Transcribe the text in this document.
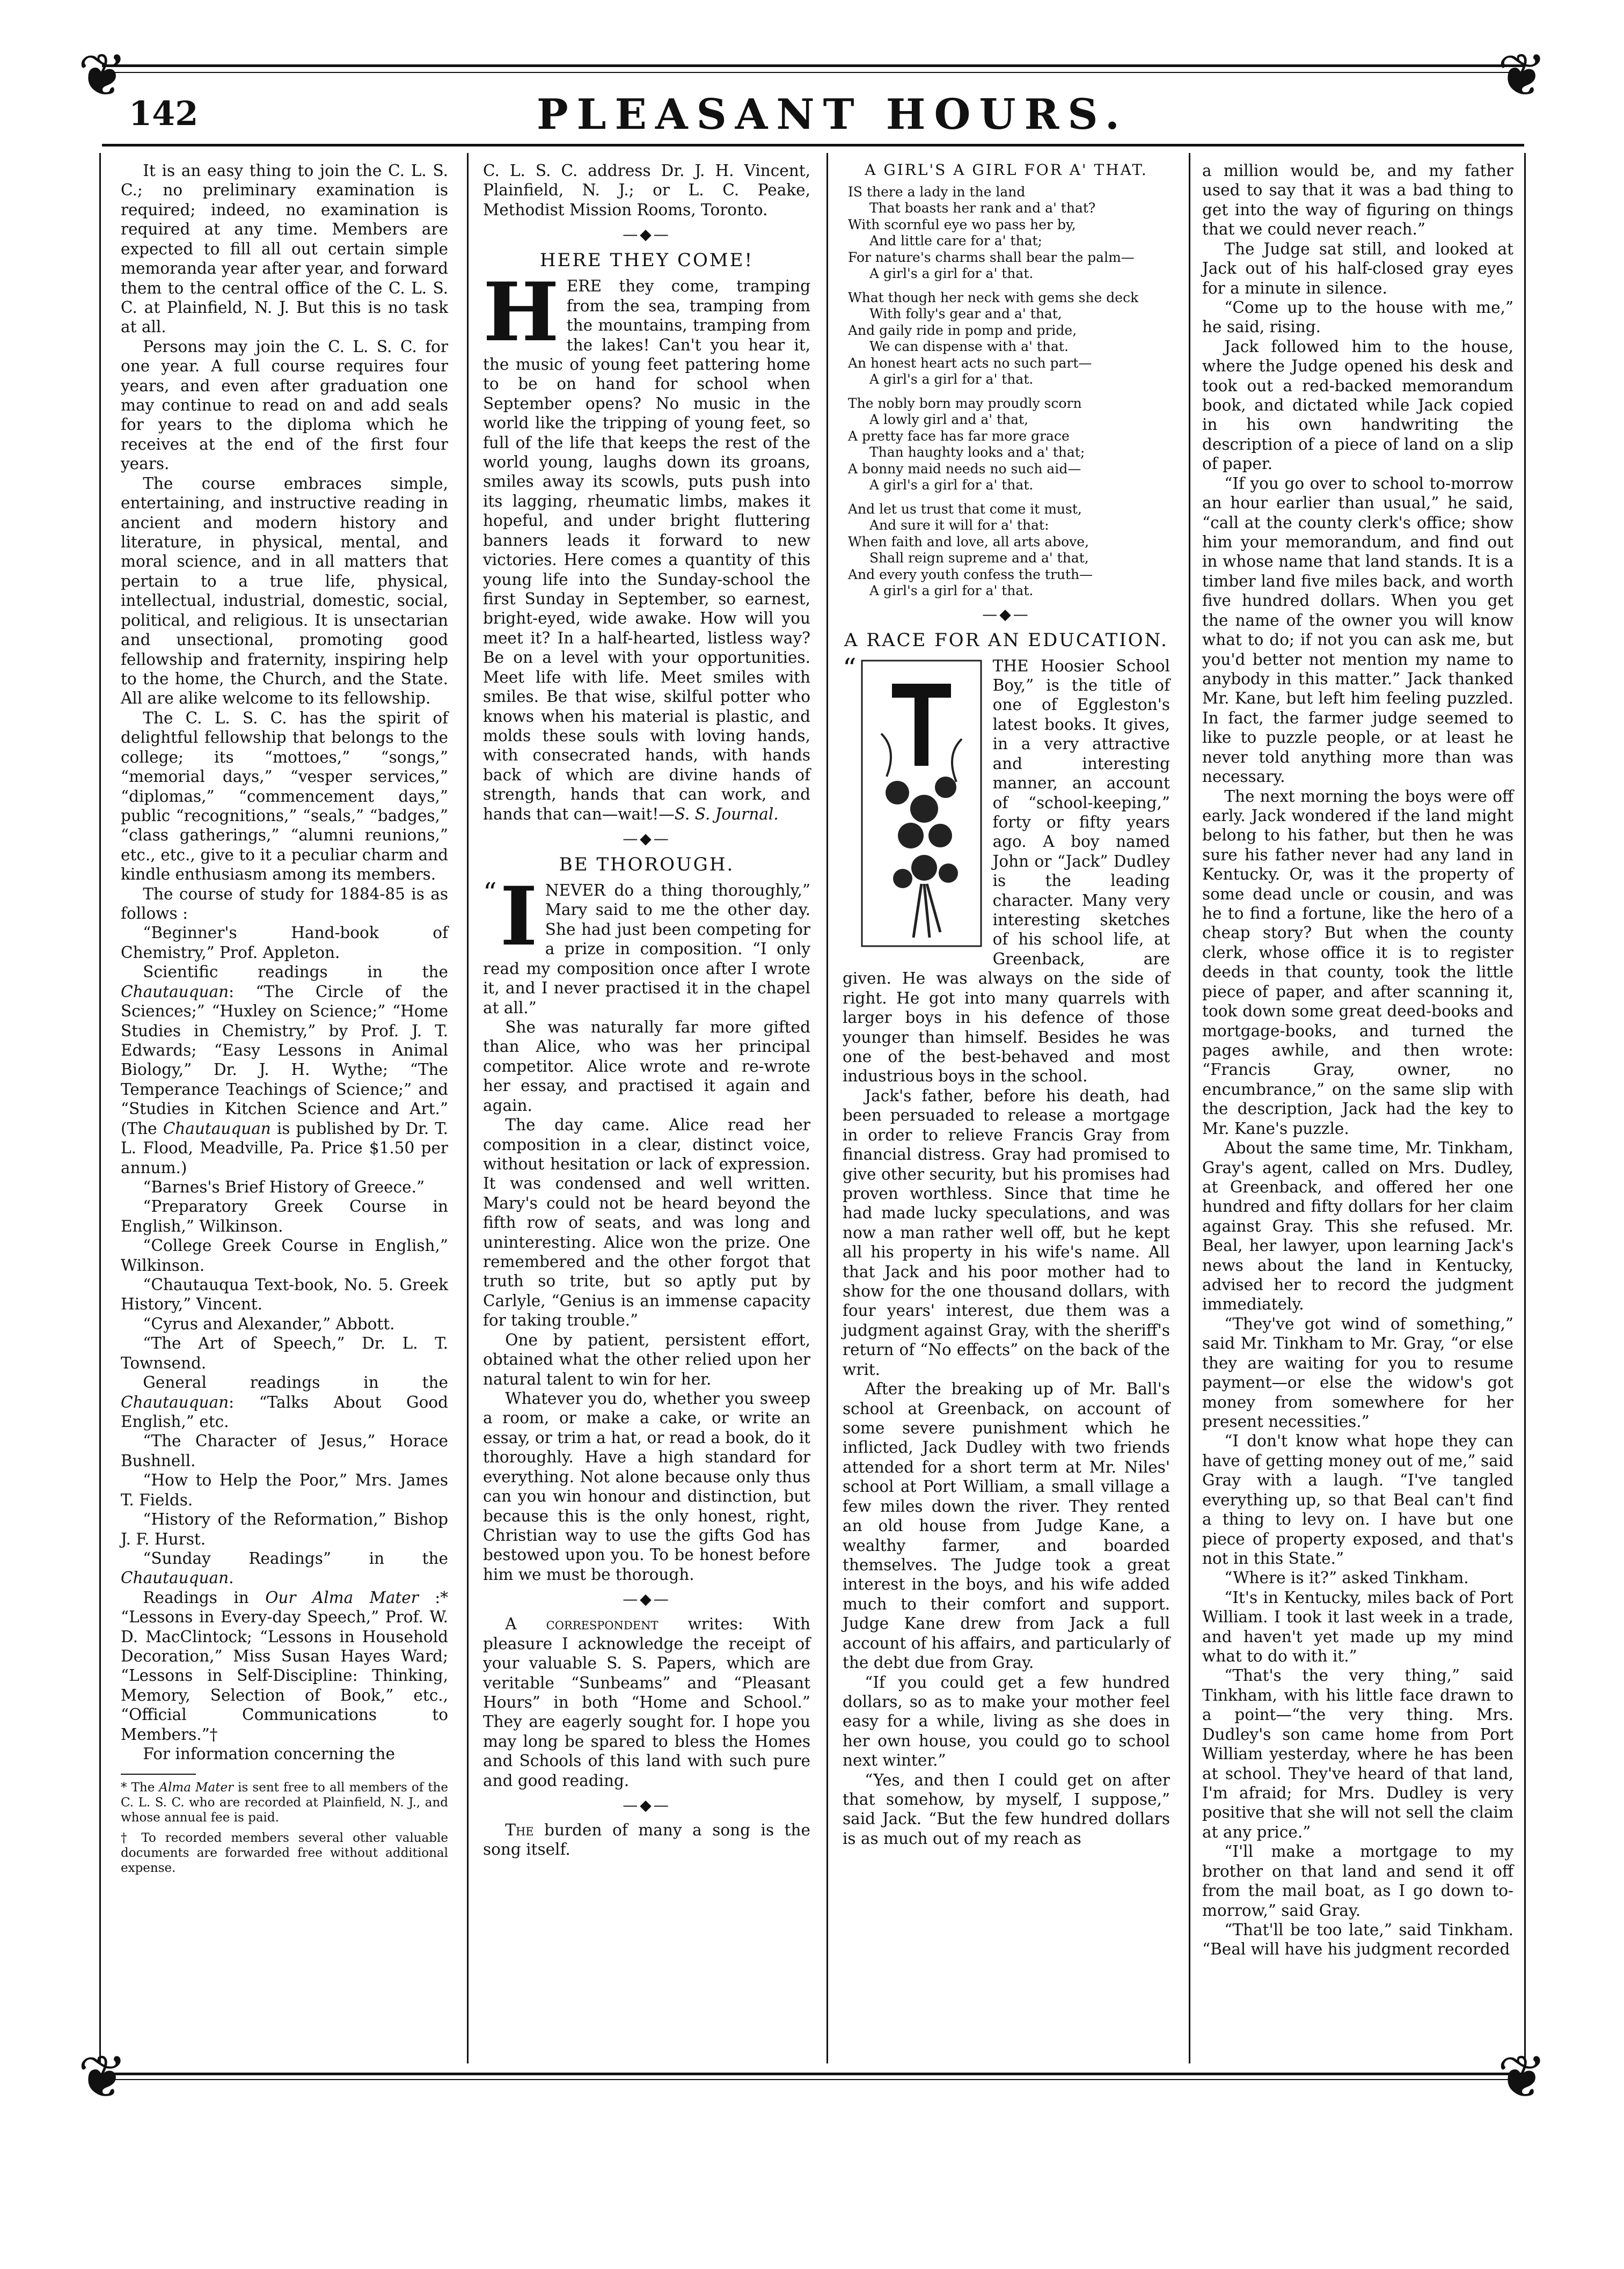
❦	❦
142	PLEASANT HOURS.

It is an easy thing to join the C. L. S. C.; no preliminary examination is required; indeed, no examination is required at any time. Members are expected to fill all out certain simple memoranda year after year, and forward them to the central office of the C. L. S. C. at Plainfield, N. J. But this is no task at all.

Persons may join the C. L. S. C. for one year. A full course requires four years, and even after graduation one may continue to read on and add seals for years to the diploma which he receives at the end of the first four years.

The course embraces simple, entertaining, and instructive reading in ancient and modern history and literature, in physical, mental, and moral science, and in all matters that pertain to a true life, physical, intellectual, industrial, domestic, social, political, and religious. It is unsectarian and unsectional, promoting good fellowship and fraternity, inspiring help to the home, the Church, and the State. All are alike welcome to its fellowship.

The C. L. S. C. has the spirit of delightful fellowship that belongs to the college; its “mottoes,” “songs,” “memorial days,” “vesper services,” “diplomas,” “commencement days,” public “recognitions,” “seals,” “badges,” “class gatherings,” “alumni reunions,” etc., etc., give to it a peculiar charm and kindle enthusiasm among its members.

The course of study for 1884-85 is as follows :

“Beginner's Hand-book of Chemistry,” Prof. Appleton.

Scientific readings in the Chautauquan: “The Circle of the Sciences;” “Huxley on Science;” “Home Studies in Chemistry,” by Prof. J. T. Edwards; “Easy Lessons in Animal Biology,” Dr. J. H. Wythe; “The Temperance Teachings of Science;” and “Studies in Kitchen Science and Art.” (The Chautauquan is published by Dr. T. L. Flood, Meadville, Pa. Price $1.50 per annum.)

“Barnes's Brief History of Greece.”

“Preparatory Greek Course in English,” Wilkinson.

“College Greek Course in English,” Wilkinson.

“Chautauqua Text-book, No. 5. Greek History,” Vincent.

“Cyrus and Alexander,” Abbott.

“The Art of Speech,” Dr. L. T. Townsend.

General readings in the Chautauquan: “Talks About Good English,” etc.

“The Character of Jesus,” Horace Bushnell.

“How to Help the Poor,” Mrs. James T. Fields.

“History of the Reformation,” Bishop J. F. Hurst.

“Sunday Readings” in the Chautauquan.

Readings in Our Alma Mater :* “Lessons in Every-day Speech,” Prof. W. D. MacClintock; “Lessons in Household Decoration,” Miss Susan Hayes Ward; “Lessons in Self-Discipline: Thinking, Memory, Selection of Book,” etc., “Official Communications to Members.”†

For information concerning the

* The Alma Mater is sent free to all members of the C. L. S. C. who are recorded at Plainfield, N. J., and whose annual fee is paid.
† To recorded members several other valuable documents are forwarded free without additional expense.

C. L. S. C. address Dr. J. H. Vincent, Plainfield, N. J.; or L. C. Peake, Methodist Mission Rooms, Toronto.

—◆—
HERE THEY COME!

HERE they come, tramping from the sea, tramping from the mountains, tramping from the lakes! Can't you hear it, the music of young feet pattering home to be on hand for school when September opens? No music in the world like the tripping of young feet, so full of the life that keeps the rest of the world young, laughs down its groans, smiles away its scowls, puts push into its lagging, rheumatic limbs, makes it hopeful, and under bright fluttering banners leads it forward to new victories. Here comes a quantity of this young life into the Sunday-school the first Sunday in September, so earnest, bright-eyed, wide awake. How will you meet it? In a half-hearted, listless way? Be on a level with your opportunities. Meet life with life. Meet smiles with smiles. Be that wise, skilful potter who knows when his material is plastic, and molds these souls with loving hands, with consecrated hands, with hands back of which are divine hands of strength, hands that can work, and hands that can—wait!—S. S. Journal.

—◆—
BE THOROUGH.

“ I NEVER do a thing thoroughly,” Mary said to me the other day. She had just been competing for a prize in composition. “I only read my composition once after I wrote it, and I never practised it in the chapel at all.”

She was naturally far more gifted than Alice, who was her principal competitor. Alice wrote and re-wrote her essay, and practised it again and again.

The day came. Alice read her composition in a clear, distinct voice, without hesitation or lack of expression. It was condensed and well written. Mary's could not be heard beyond the fifth row of seats, and was long and uninteresting. Alice won the prize. One remembered and the other forgot that truth so trite, but so aptly put by Carlyle, “Genius is an immense capacity for taking trouble.”

One by patient, persistent effort, obtained what the other relied upon her natural talent to win for her.

Whatever you do, whether you sweep a room, or make a cake, or write an essay, or trim a hat, or read a book, do it thoroughly. Have a high standard for everything. Not alone because only thus can you win honour and distinction, but because this is the only honest, right, Christian way to use the gifts God has bestowed upon you. To be honest before him we must be thorough.

—◆—

A correspondent writes: With pleasure I acknowledge the receipt of your valuable S. S. Papers, which are veritable “Sunbeams” and “Pleasant Hours” in both “Home and School.” They are eagerly sought for. I hope you may long be spared to bless the Homes and Schools of this land with such pure and good reading.

—◆—

The burden of many a song is the song itself.

A GIRL'S A GIRL FOR A' THAT.
IS there a lady in the land
That boasts her rank and a' that?
With scornful eye wo pass her by,
And little care for a' that;
For nature's charms shall bear the palm—
A girl's a girl for a' that.
What though her neck with gems she deck
With folly's gear and a' that,
And gaily ride in pomp and pride,
We can dispense with a' that.
An honest heart acts no such part—
A girl's a girl for a' that.
The nobly born may proudly scorn
A lowly girl and a' that,
A pretty face has far more grace
Than haughty looks and a' that;
A bonny maid needs no such aid—
A girl's a girl for a' that.
And let us trust that come it must,
And sure it will for a' that:
When faith and love, all arts above,
Shall reign supreme and a' that,
And every youth confess the truth—
A girl's a girl for a' that.
—◆—
A RACE FOR AN EDUCATION.

“	THE Hoosier School Boy,” is the title of one of Eggleston's latest books. It gives, in a very attractive and interesting manner, an account of “school-keeping,” forty or fifty years ago. A boy named John or “Jack” Dudley is the leading character. Many very interesting sketches of his school life, at Greenback, are given. He was always on the side of right. He got into many quarrels with larger boys in his defence of those younger than himself. Besides he was one of the best-behaved and most industrious boys in the school.

Jack's father, before his death, had been persuaded to release a mortgage in order to relieve Francis Gray from financial distress. Gray had promised to give other security, but his promises had proven worthless. Since that time he had made lucky speculations, and was now a man rather well off, but he kept all his property in his wife's name. All that Jack and his poor mother had to show for the one thousand dollars, with four years' interest, due them was a judgment against Gray, with the sheriff's return of “No effects” on the back of the writ.

After the breaking up of Mr. Ball's school at Greenback, on account of some severe punishment which he inflicted, Jack Dudley with two friends attended for a short term at Mr. Niles' school at Port William, a small village a few miles down the river. They rented an old house from Judge Kane, a wealthy farmer, and boarded themselves. The Judge took a great interest in the boys, and his wife added much to their comfort and support. Judge Kane drew from Jack a full account of his affairs, and particularly of the debt due from Gray.

“If you could get a few hundred dollars, so as to make your mother feel easy for a while, living as she does in her own house, you could go to school next winter.”

“Yes, and then I could get on after that somehow, by myself, I suppose,” said Jack. “But the few hundred dollars is as much out of my reach as

a million would be, and my father used to say that it was a bad thing to get into the way of figuring on things that we could never reach.”

The Judge sat still, and looked at Jack out of his half-closed gray eyes for a minute in silence.

“Come up to the house with me,” he said, rising.

Jack followed him to the house, where the Judge opened his desk and took out a red-backed memorandum book, and dictated while Jack copied in his own handwriting the description of a piece of land on a slip of paper.

“If you go over to school to-morrow an hour earlier than usual,” he said, “call at the county clerk's office; show him your memorandum, and find out in whose name that land stands. It is a timber land five miles back, and worth five hundred dollars. When you get the name of the owner you will know what to do; if not you can ask me, but you'd better not mention my name to anybody in this matter.” Jack thanked Mr. Kane, but left him feeling puzzled. In fact, the farmer judge seemed to like to puzzle people, or at least he never told anything more than was necessary.

The next morning the boys were off early. Jack wondered if the land might belong to his father, but then he was sure his father never had any land in Kentucky. Or, was it the property of some dead uncle or cousin, and was he to find a fortune, like the hero of a cheap story? But when the county clerk, whose office it is to register deeds in that county, took the little piece of paper, and after scanning it, took down some great deed-books and mortgage-books, and turned the pages awhile, and then wrote: “Francis Gray, owner, no encumbrance,” on the same slip with the description, Jack had the key to Mr. Kane's puzzle.

About the same time, Mr. Tinkham, Gray's agent, called on Mrs. Dudley, at Greenback, and offered her one hundred and fifty dollars for her claim against Gray. This she refused. Mr. Beal, her lawyer, upon learning Jack's news about the land in Kentucky, advised her to record the judgment immediately.

“They've got wind of something,” said Mr. Tinkham to Mr. Gray, “or else they are waiting for you to resume payment—or else the widow's got money from somewhere for her present necessities.”

“I don't know what hope they can have of getting money out of me,” said Gray with a laugh. “I've tangled everything up, so that Beal can't find a thing to levy on. I have but one piece of property exposed, and that's not in this State.”

“Where is it?” asked Tinkham.

“It's in Kentucky, miles back of Port William. I took it last week in a trade, and haven't yet made up my mind what to do with it.”

“That's the very thing,” said Tinkham, with his little face drawn to a point—“the very thing. Mrs. Dudley's son came home from Port William yesterday, where he has been at school. They've heard of that land, I'm afraid; for Mrs. Dudley is very positive that she will not sell the claim at any price.”

“I'll make a mortgage to my brother on that land and send it off from the mail boat, as I go down to-morrow,” said Gray.

“That'll be too late,” said Tinkham. “Beal will have his judgment recorded

❦	❦
